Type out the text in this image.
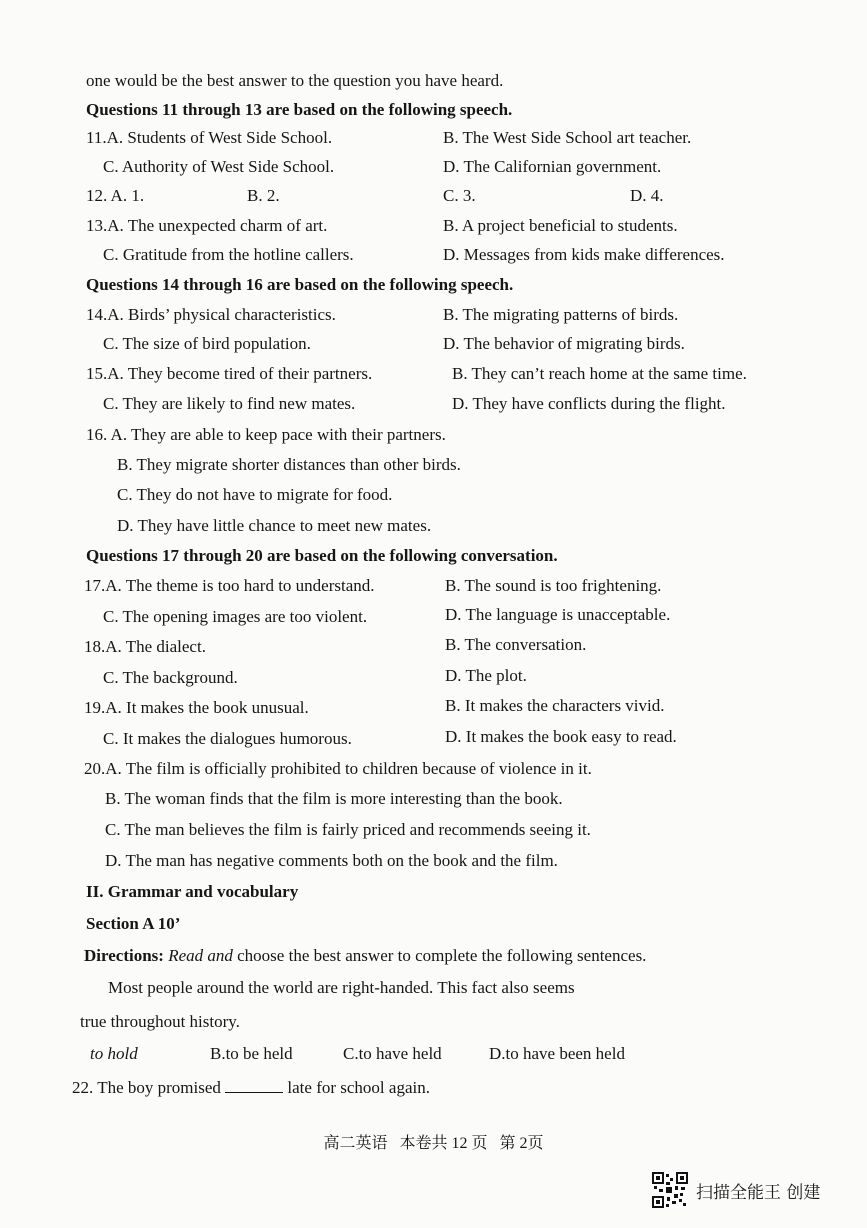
one would be the best answer to the question you have heard.
Questions 11 through 13 are based on the following speech.
11.A. Students of West Side School.	B. The West Side School art teacher.
C. Authority of West Side School.	D. The Californian government.
12. A. 1.	B. 2.	C. 3.	D. 4.
13.A. The unexpected charm of art.	B. A project beneficial to students.
C. Gratitude from the hotline callers.	D. Messages from kids make differences.
Questions 14 through 16 are based on the following speech.
14.A. Birds’ physical characteristics.	B. The migrating patterns of birds.
C. The size of bird population.	D. The behavior of migrating birds.
15.A. They become tired of their partners.	B. They can’t reach home at the same time.
C. They are likely to find new mates.	D. They have conflicts during the flight.
16. A. They are able to keep pace with their partners.
B. They migrate shorter distances than other birds.
C. They do not have to migrate for food.
D. They have little chance to meet new mates.
Questions 17 through 20 are based on the following conversation.
17.A. The theme is too hard to understand.	B. The sound is too frightening.
C. The opening images are too violent.	D. The language is unacceptable.
18.A. The dialect.	B. The conversation.
C. The background.	D. The plot.
19.A. It makes the book unusual.	B. It makes the characters vivid.
C. It makes the dialogues humorous.	D. It makes the book easy to read.
20.A. The film is officially prohibited to children because of violence in it.
B. The woman finds that the film is more interesting than the book.
C. The man believes the film is fairly priced and recommends seeing it.
D. The man has negative comments both on the book and the film.
II. Grammar and vocabulary
Section A 10’
Directions: Read and choose the best answer to complete the following sentences.
Most people around the world are right-handed. This fact also seems
true throughout history.
to hold	B.to be held	C.to have held	D.to have been held
22. The boy promised	late for school again.
高二英语 本卷共 12 页 第 2页
扫描全能王 创建
